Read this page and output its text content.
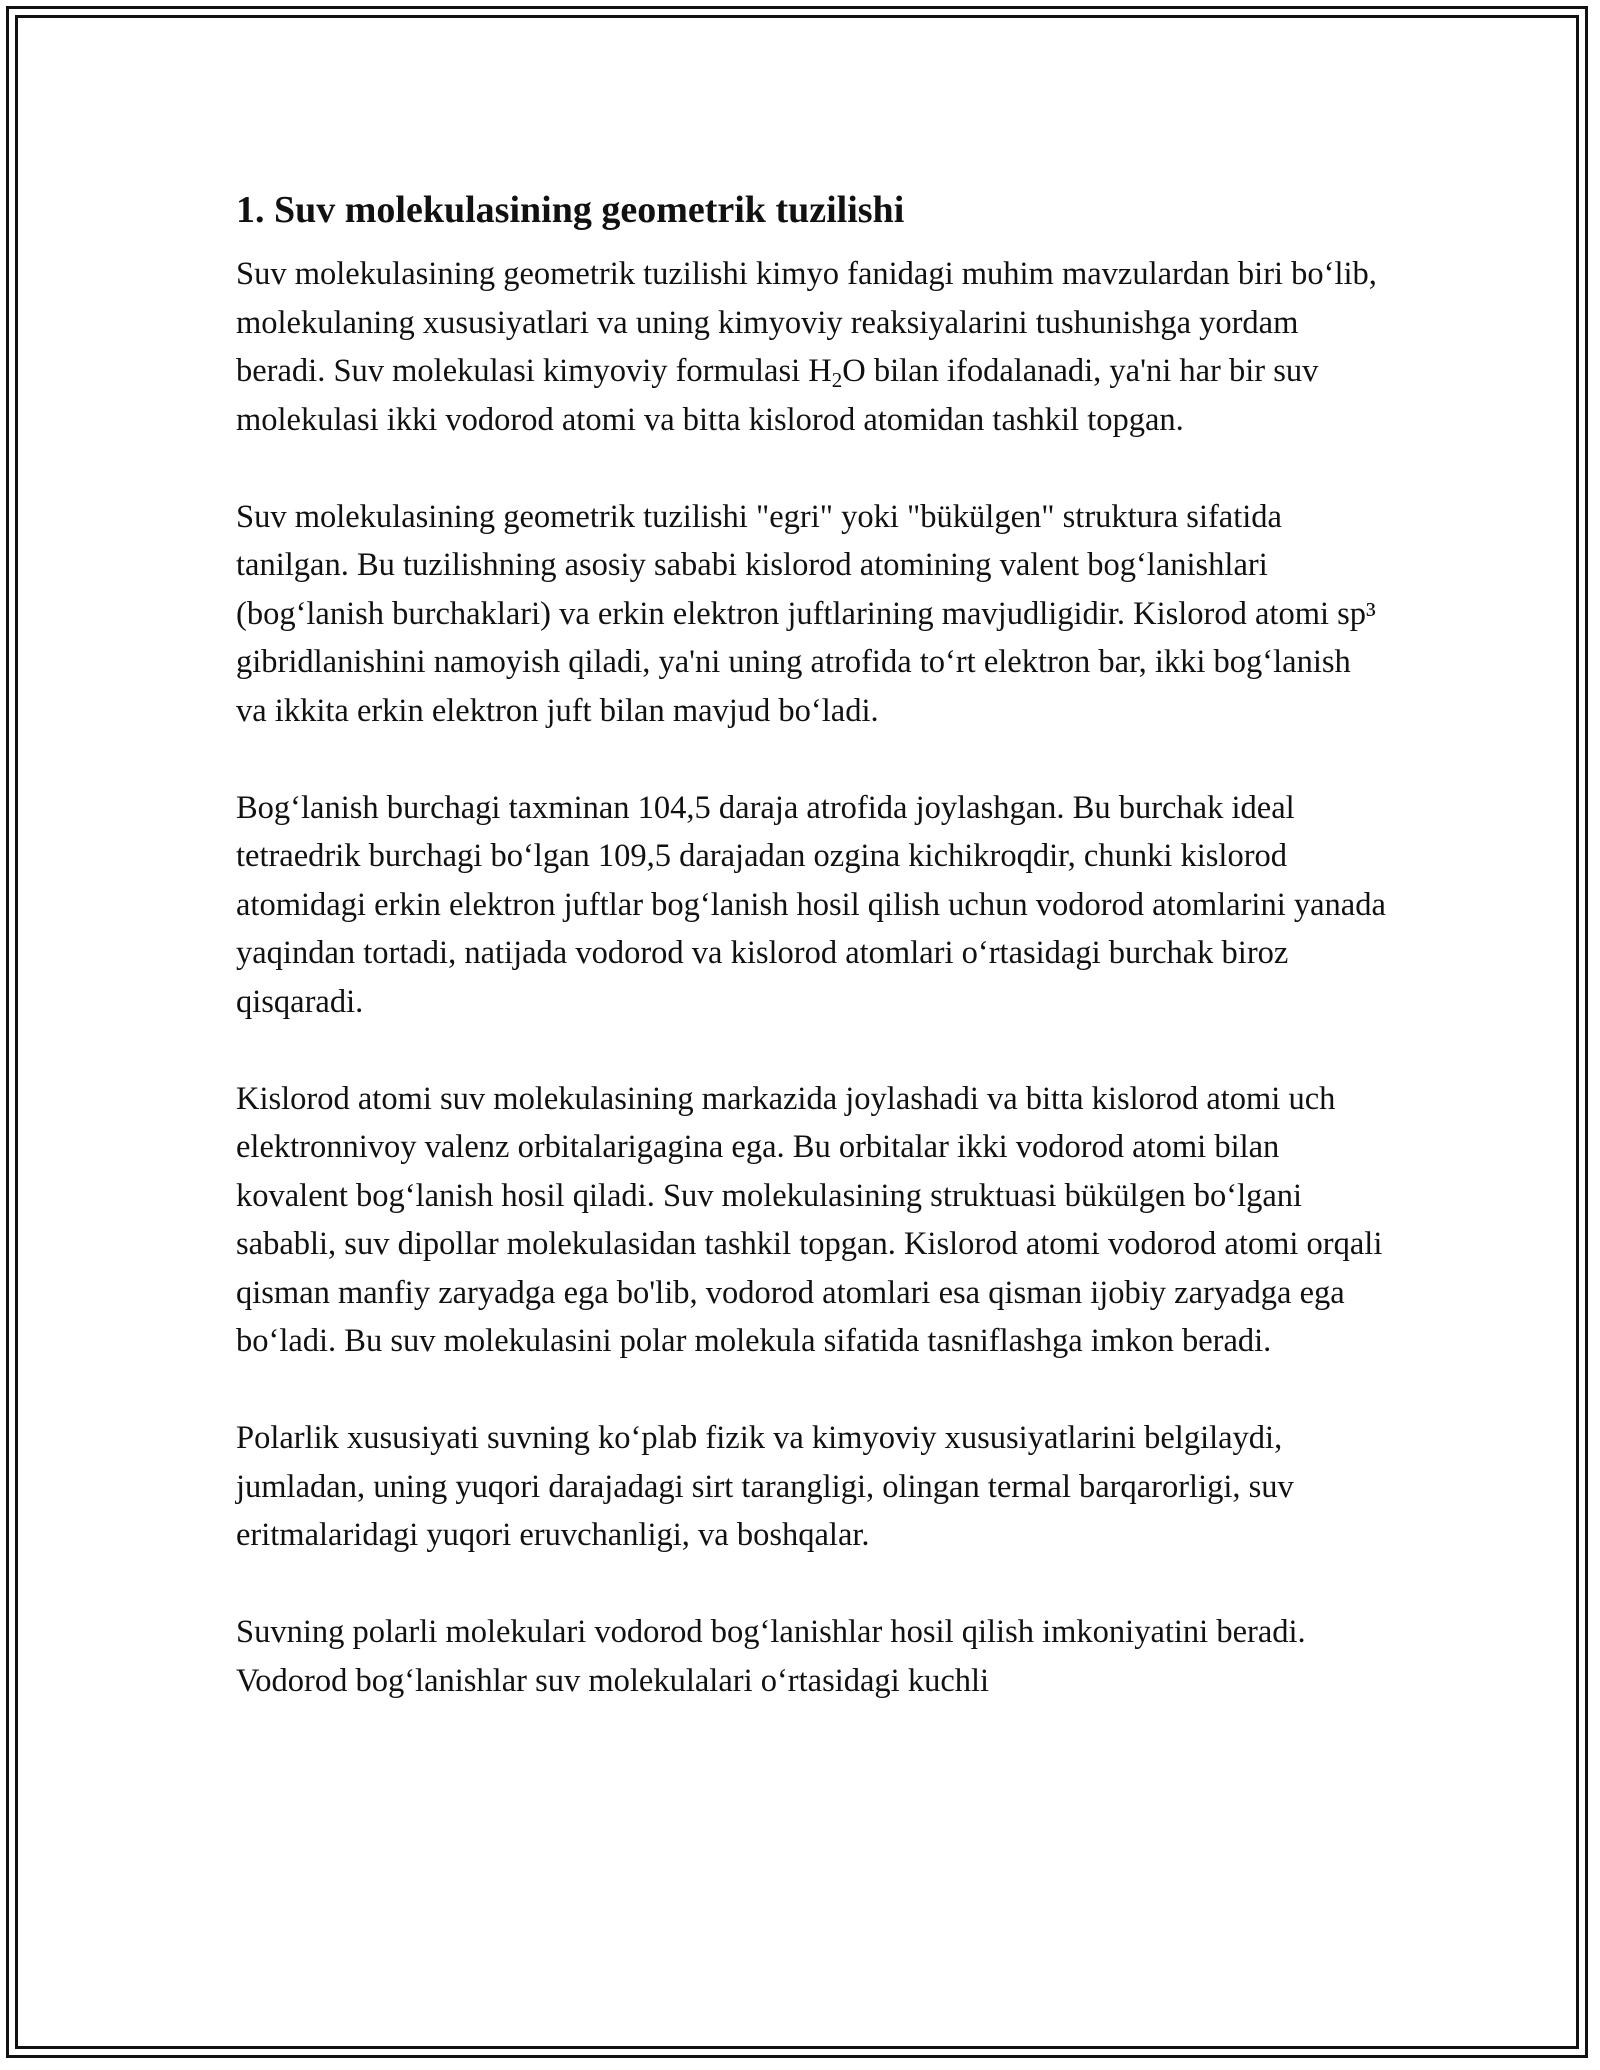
1. Suv molekulasining geometrik tuzilishi

Suv molekulasining geometrik tuzilishi kimyo fanidagi muhim mavzulardan biri bo‘lib, molekulaning xususiyatlari va uning kimyoviy reaksiyalarini tushunishga yordam beradi. Suv molekulasi kimyoviy formulasi $H_2O$ bilan ifodalanadi, ya'ni har bir suv molekulasi ikki vodorod atomi va bitta kislorod atomidan tashkil topgan.

Suv molekulasining geometrik tuzilishi "egri" yoki "bükülgen" struktura sifatida tanilgan. Bu tuzilishning asosiy sababi kislorod atomining valent bog‘lanishlari (bog‘lanish burchaklari) va erkin elektron juftlarining mavjudligidir. Kislorod atomi sp³ gibridlanishini namoyish qiladi, ya'ni uning atrofida to‘rt elektron bar, ikki bog‘lanish va ikkita erkin elektron juft bilan mavjud bo‘ladi.

Bog‘lanish burchagi taxminan 104,5 daraja atrofida joylashgan. Bu burchak ideal tetraedrik burchagi bo‘lgan 109,5 darajadan ozgina kichikroqdir, chunki kislorod atomidagi erkin elektron juftlar bog‘lanish hosil qilish uchun vodorod atomlarini yanada yaqindan tortadi, natijada vodorod va kislorod atomlari o‘rtasidagi burchak biroz qisqaradi.

Kislorod atomi suv molekulasining markazida joylashadi va bitta kislorod atomi uch elektronnivoy valenz orbitalarigagina ega. Bu orbitalar ikki vodorod atomi bilan kovalent bog‘lanish hosil qiladi. Suv molekulasining struktuasi bükülgen bo‘lgani sababli, suv dipollar molekulasidan tashkil topgan. Kislorod atomi vodorod atomi orqali qisman manfiy zaryadga ega bo'lib, vodorod atomlari esa qisman ijobiy zaryadga ega bo‘ladi. Bu suv molekulasini polar molekula sifatida tasniflashga imkon beradi.

Polarlik xususiyati suvning ko‘plab fizik va kimyoviy xususiyatlarini belgilaydi, jumladan, uning yuqori darajadagi sirt tarangligi, olingan termal barqarorligi, suv eritmalaridagi yuqori eruvchanligi, va boshqalar.

Suvning polarli molekulari vodorod bog‘lanishlar hosil qilish imkoniyatini beradi. Vodorod bog‘lanishlar suv molekulalari o‘rtasidagi kuchli
